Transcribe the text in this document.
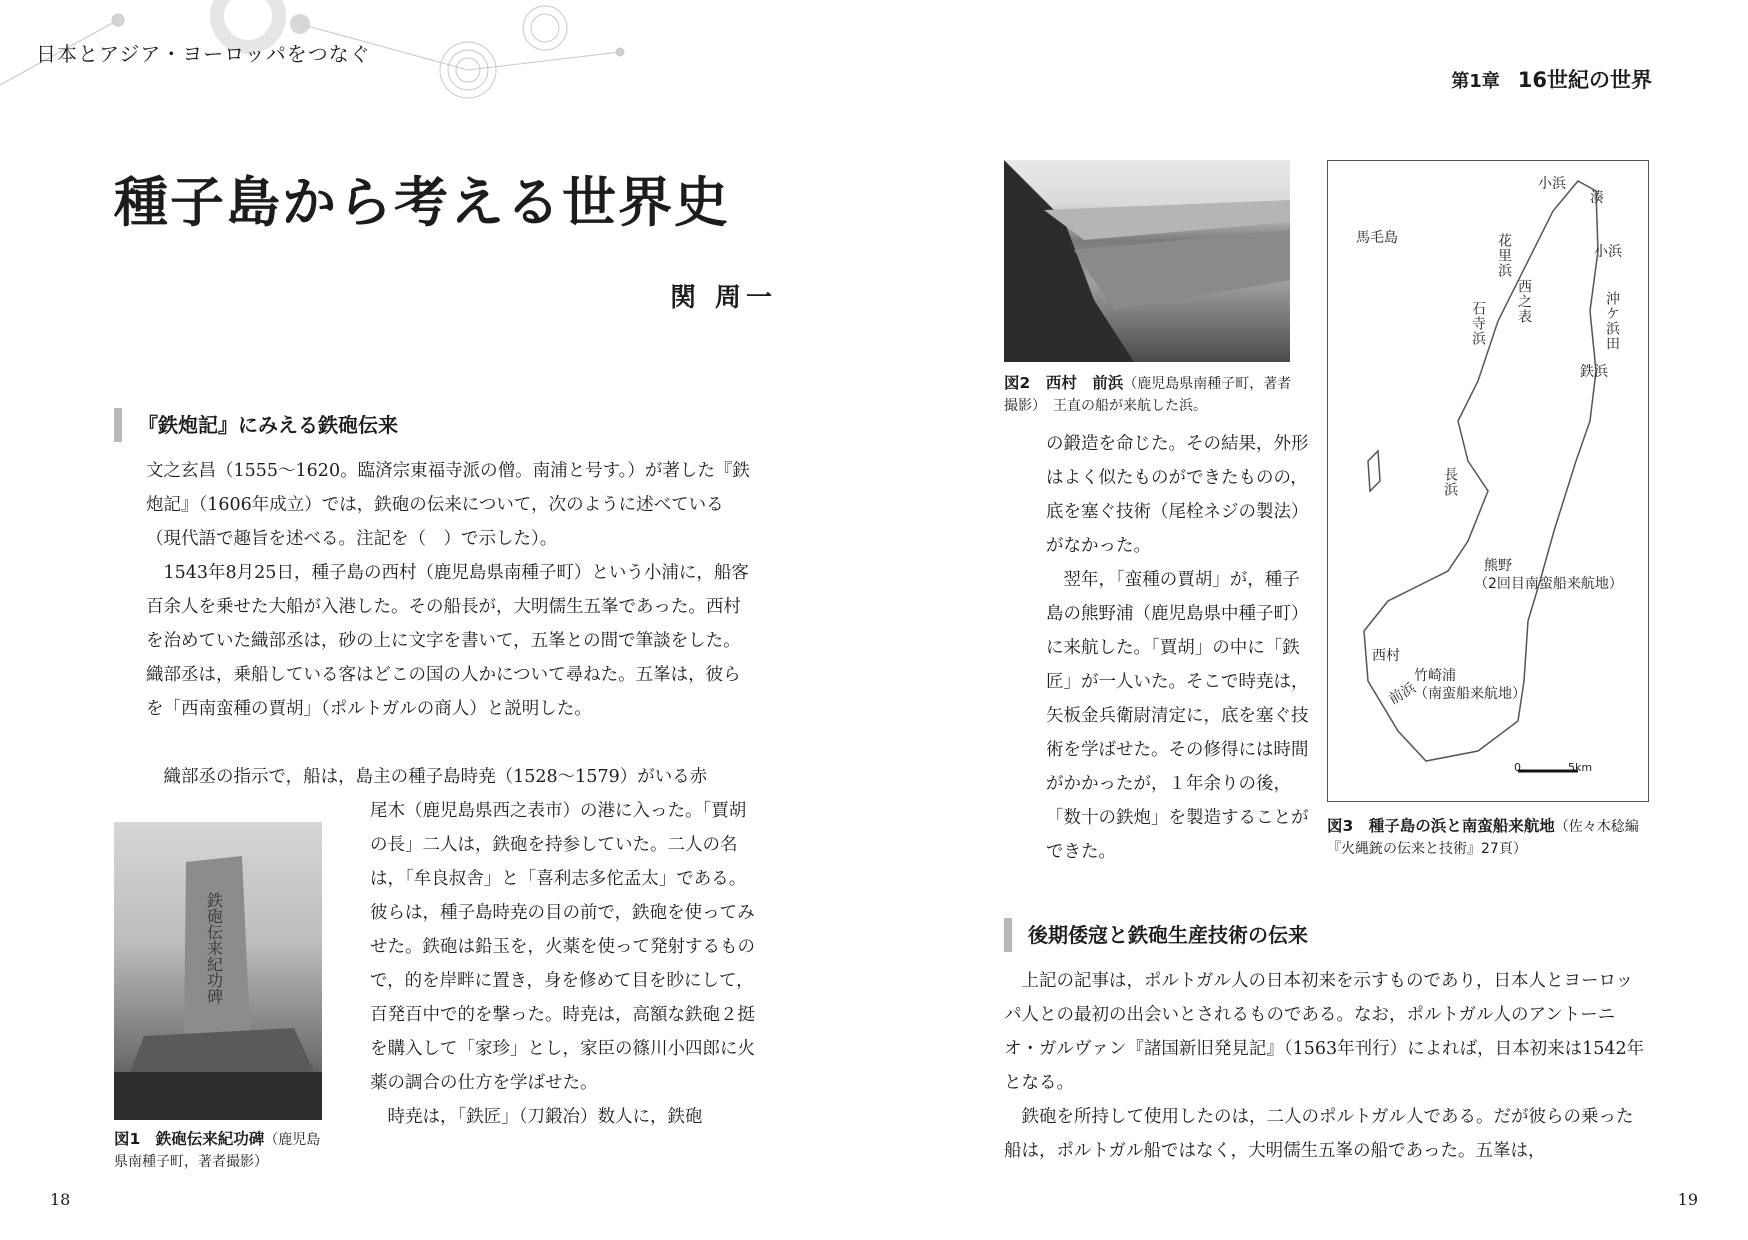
日本とアジア・ヨーロッパをつなぐ
第1章 16世紀の世界
種子島から考える世界史
関 周一
『鉄炮記』にみえる鉄砲伝来

文之玄昌（1555～1620。臨済宗東福寺派の僧。南浦と号す。）が著した『鉄炮記』（1606年成立）では，鉄砲の伝来について，次のように述べている（現代語で趣旨を述べる。注記を（　）で示した）。

1543年8月25日，種子島の西村（鹿児島県南種子町）という小浦に，船客百余人を乗せた大船が入港した。その船長が，大明儒生五峯であった。西村を治めていた織部丞は，砂の上に文字を書いて，五峯との間で筆談をした。織部丞は，乗船している客はどこの国の人かについて尋ねた。五峯は，彼らを「西南蛮種の賈胡」（ポルトガルの商人）と説明した。

織部丞の指示で，船は，島主の種子島時尭（1528～1579）がいる赤

尾木（鹿児島県西之表市）の港に入った。「賈胡の長」二人は，鉄砲を持参していた。二人の名は，「牟良叔舎」と「喜利志多佗孟太」である。彼らは，種子島時尭の目の前で，鉄砲を使ってみせた。鉄砲は鉛玉を，火薬を使って発射するもので，的を岸畔に置き，身を修めて目を眇にして，百発百中で的を撃った。時尭は，高額な鉄砲２挺を購入して「家珍」とし，家臣の篠川小四郎に火薬の調合の仕方を学ばせた。

時尭は，「鉄匠」（刀鍛冶）数人に，鉄砲

鉄砲伝来紀功碑
図1　鉄砲伝来紀功碑（鹿児島県南種子町，著者撮影）
図2　西村　前浜（鹿児島県南種子町，著者撮影）　王直の船が来航した浜。
馬毛島
小浜
湊
小浜
花里浜
西之表
石寺浜	沖ケ浜田
鉄浜
長浜
熊野
（2回目南蛮船来航地）
西村
竹崎浦
（南蛮船来航地）
前浜
0	5km
図3　種子島の浜と南蛮船来航地（佐々木稔編『火縄銃の伝来と技術』27頁）

の鍛造を命じた。その結果，外形はよく似たものができたものの，底を塞ぐ技術（尾栓ネジの製法）がなかった。

翌年，「蛮種の賈胡」が，種子島の熊野浦（鹿児島県中種子町）に来航した。「賈胡」の中に「鉄匠」が一人いた。そこで時尭は，矢板金兵衛尉清定に，底を塞ぐ技術を学ばせた。その修得には時間がかかったが，１年余りの後，「数十の鉄炮」を製造することができた。

後期倭寇と鉄砲生産技術の伝来

上記の記事は，ポルトガル人の日本初来を示すものであり，日本人とヨーロッパ人との最初の出会いとされるものである。なお，ポルトガル人のアントーニオ・ガルヴァン『諸国新旧発見記』（1563年刊行）によれば，日本初来は1542年となる。

鉄砲を所持して使用したのは，二人のポルトガル人である。だが彼らの乗った船は，ポルトガル船ではなく，大明儒生五峯の船であった。五峯は，

18	19
